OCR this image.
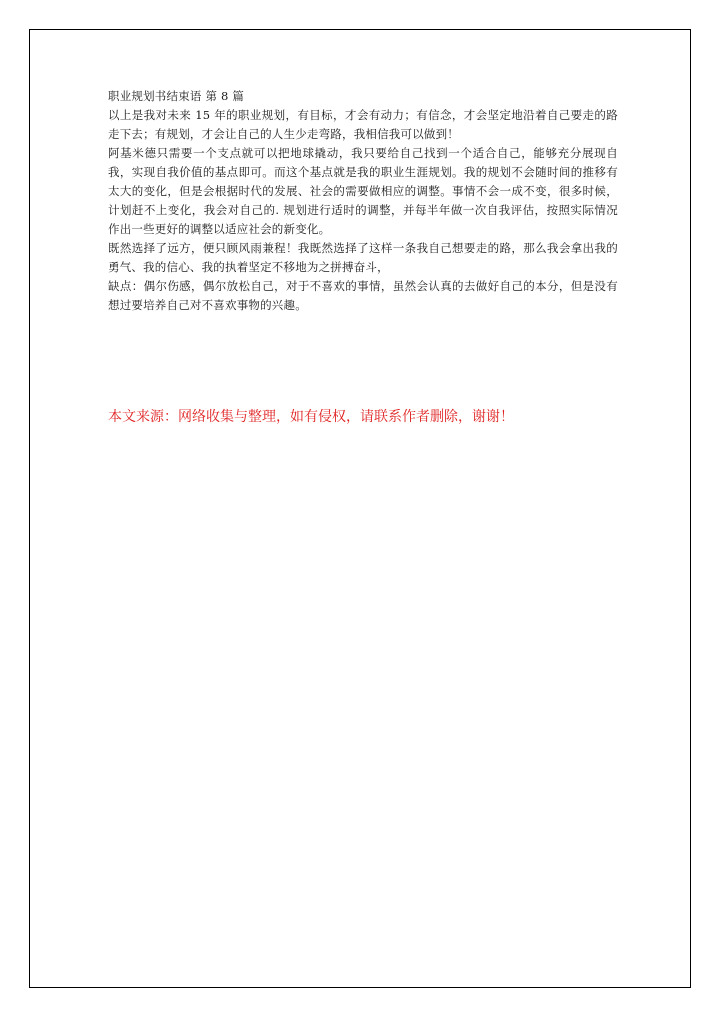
职业规划书结束语 第 8 篇

以上是我对未来 15 年的职业规划，有目标，才会有动力；有信念，才会坚定地沿着自己要走的路走下去；有规划，才会让自己的人生少走弯路，我相信我可以做到！

阿基米德只需要一个支点就可以把地球撬动，我只要给自己找到一个适合自己，能够充分展现自我，实现自我价值的基点即可。而这个基点就是我的职业生涯规划。我的规划不会随时间的推移有太大的变化，但是会根据时代的发展、社会的需要做相应的调整。事情不会一成不变，很多时候，计划赶不上变化，我会对自己的. 规划进行适时的调整，并每半年做一次自我评估，按照实际情况作出一些更好的调整以适应社会的新变化。

既然选择了远方，便只顾风雨兼程！我既然选择了这样一条我自己想要走的路，那么我会拿出我的勇气、我的信心、我的执着坚定不移地为之拼搏奋斗，

缺点：偶尔伤感，偶尔放松自己，对于不喜欢的事情，虽然会认真的去做好自己的本分，但是没有想过要培养自己对不喜欢事物的兴趣。

本文来源：网络收集与整理，如有侵权，请联系作者删除，谢谢！
